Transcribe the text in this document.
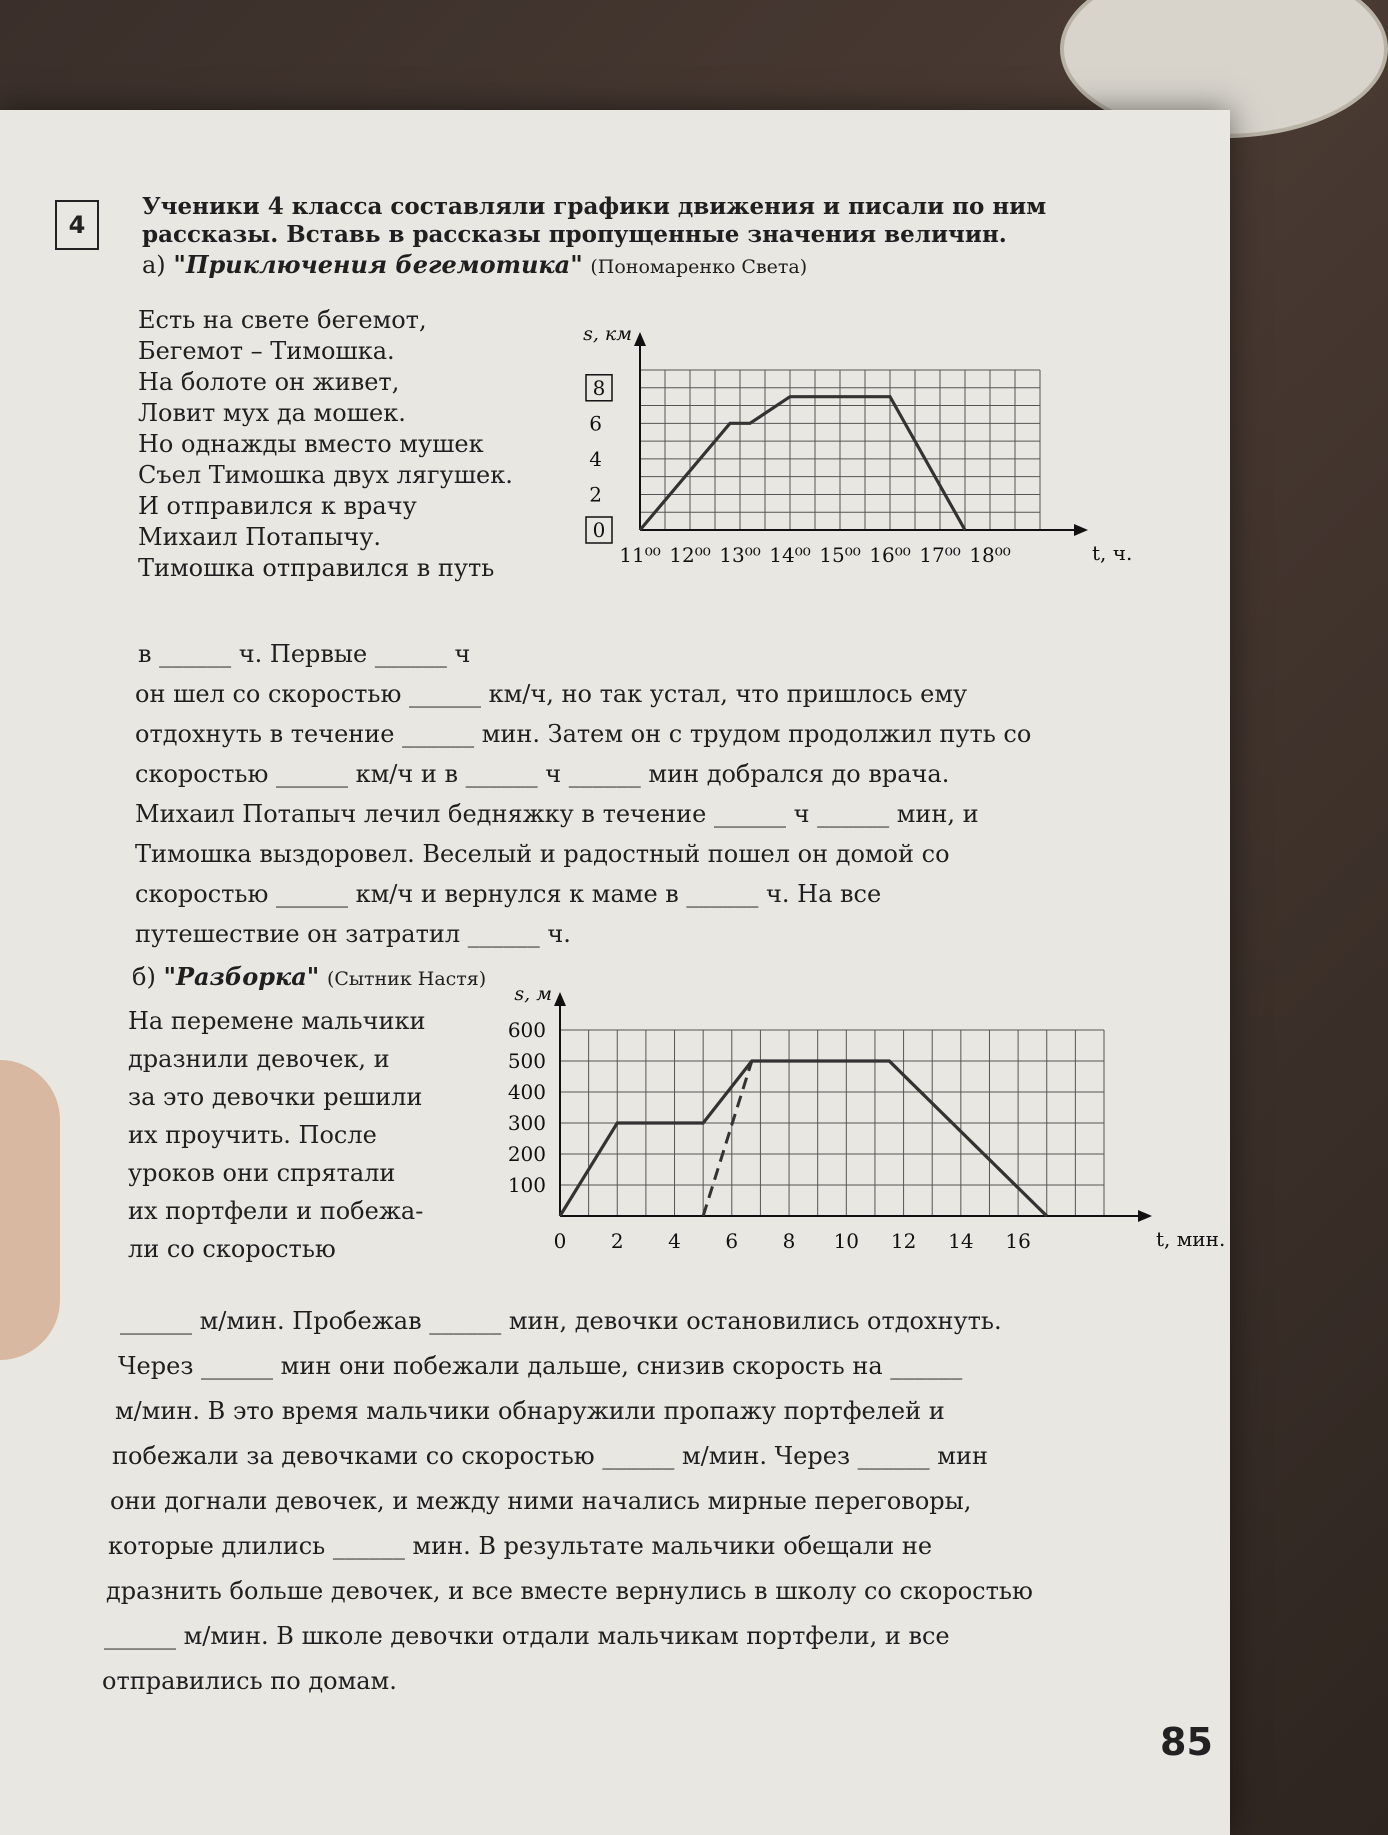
4
Ученики 4 класса составляли графики движения и писали по ним
рассказы. Вставь в рассказы пропущенные значения величин.
а) "Приключения бегемотика" (Пономаренко Света)
Есть на свете бегемот,
Бегемот – Тимошка.
На болоте он живет,
Ловит мух да мошек.
Но однажды вместо мушек
Съел Тимошка двух лягушек.
И отправился к врачу
Михаил Потапычу.
Тимошка отправился в путь
s, км
t, ч.
11⁰⁰ 12⁰⁰ 13⁰⁰ 14⁰⁰ 15⁰⁰ 16⁰⁰ 17⁰⁰ 18⁰⁰
0
2
4
6
8
в ______ ч. Первые ______ ч
он шел со скоростью ______ км/ч, но так устал, что пришлось ему
отдохнуть в течение ______ мин. Затем он с трудом продолжил путь со
скоростью ______ км/ч и в ______ ч ______ мин добрался до врача.
Михаил Потапыч лечил бедняжку в течение ______ ч ______ мин, и
Тимошка выздоровел. Веселый и радостный пошел он домой со
скоростью ______ км/ч и вернулся к маме в ______ ч. На все
путешествие он затратил ______ ч.
б) "Разборка" (Сытник Настя)
На перемене мальчики
дразнили девочек, и
за это девочки решили
их проучить. После
уроков они спрятали
их портфели и побежа-
ли со скоростью
s, м
t, мин.
0 2 4 6 8 10 12 14 16
100
200
300
400
500
600
______ м/мин. Пробежав ______ мин, девочки остановились отдохнуть.
Через ______ мин они побежали дальше, снизив скорость на ______
м/мин. В это время мальчики обнаружили пропажу портфелей и
побежали за девочками со скоростью ______ м/мин. Через ______ мин
они догнали девочек, и между ними начались мирные переговоры,
которые длились ______ мин. В результате мальчики обещали не
дразнить больше девочек, и все вместе вернулись в школу со скоростью
______ м/мин. В школе девочки отдали мальчикам портфели, и все
отправились по домам.
85
